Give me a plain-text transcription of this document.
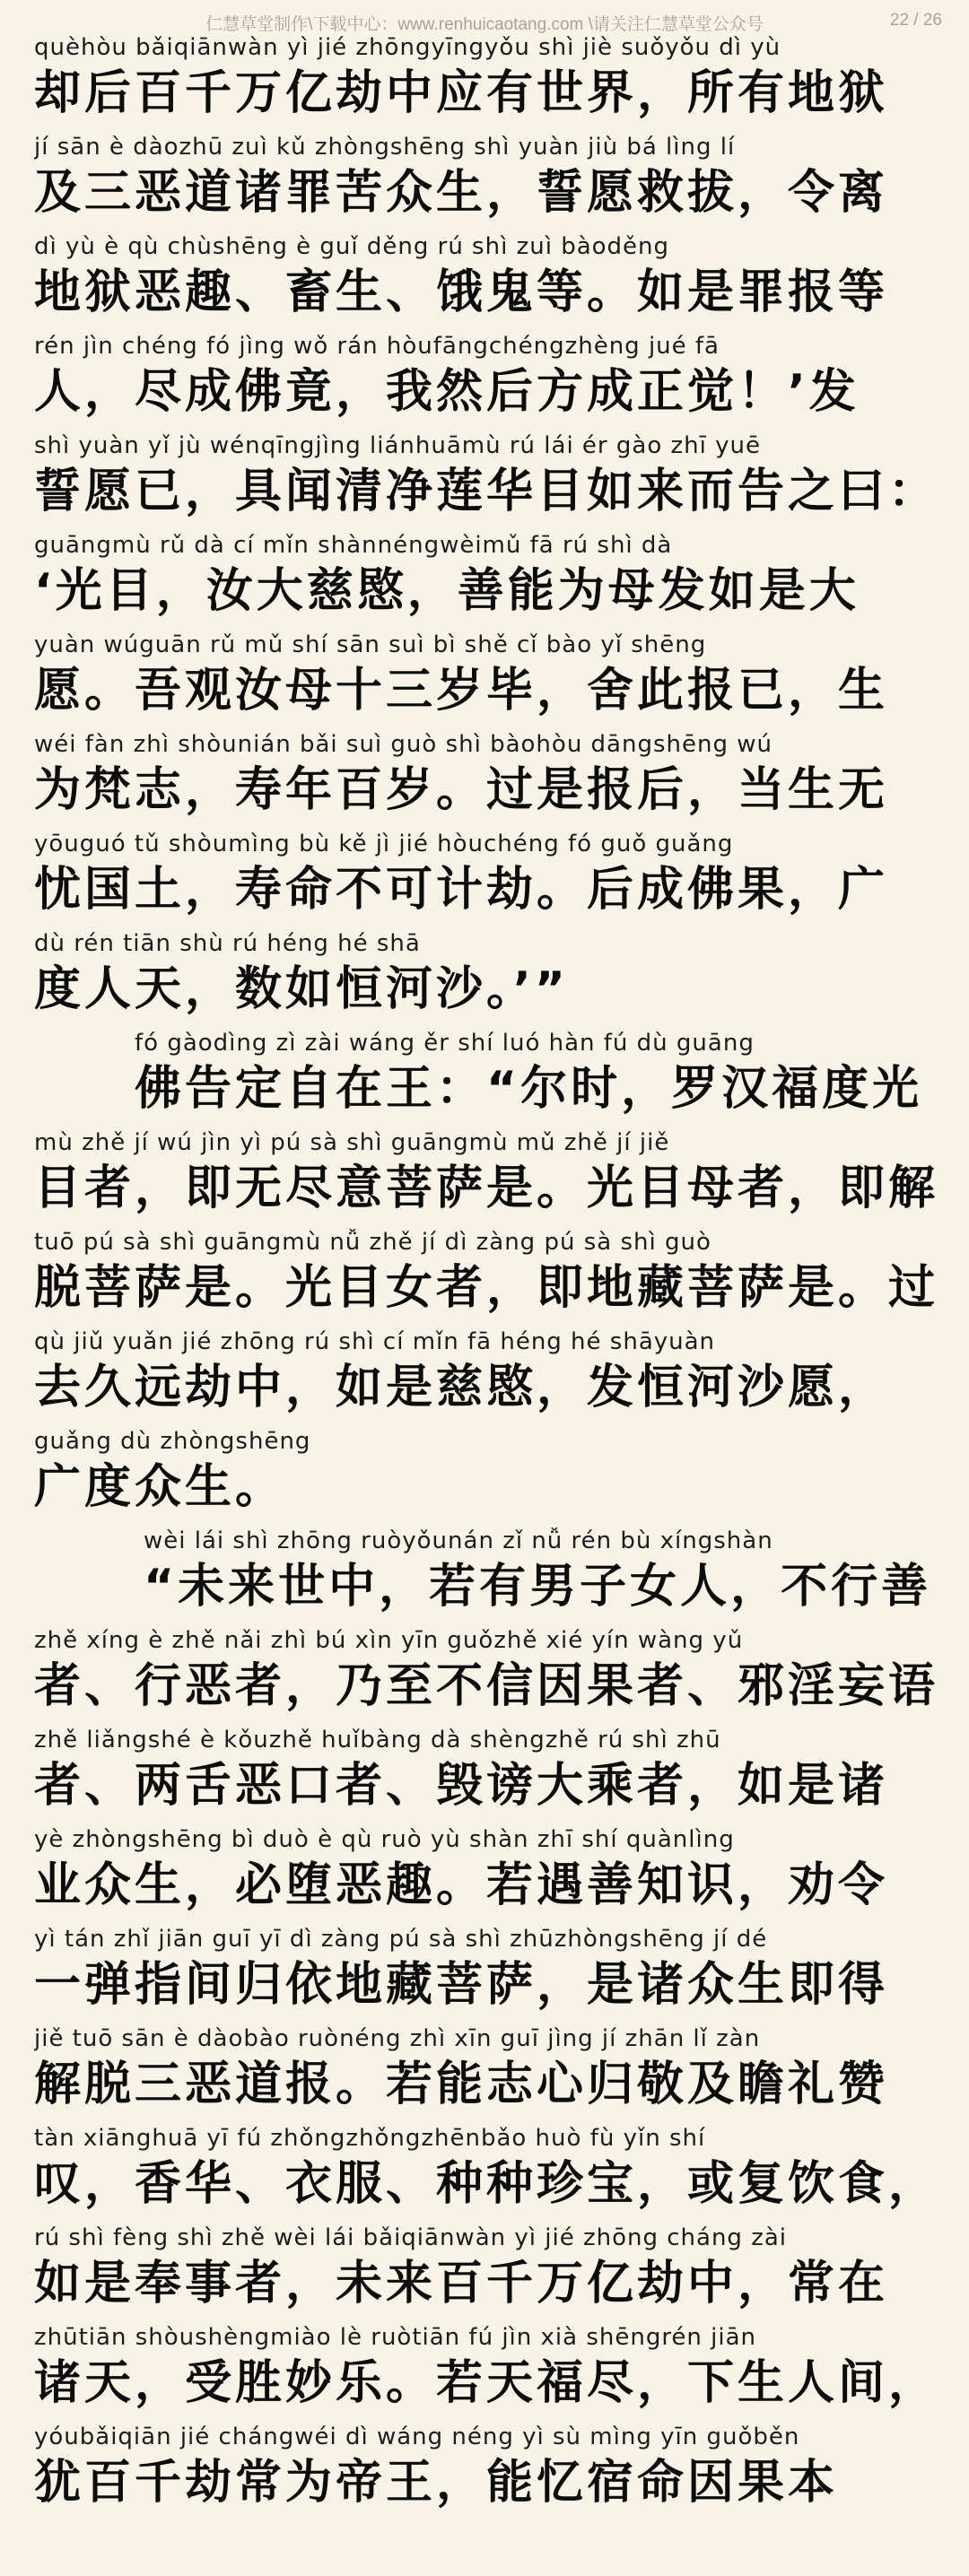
仁慧草堂制作\下载中心：www.renhuicaotang.com \请关注仁慧草堂公众号	22 / 26
quèhòu bǎiqiānwàn yì jié zhōngyīngyǒu shì jiè suǒyǒu dì yù
却后百千万亿劫中应有世界，所有地狱
jí sān è dàozhū zuì kǔ zhòngshēng shì yuàn jiù bá lìng lí
及三恶道诸罪苦众生，誓愿救拔，令离
dì yù è qù chùshēng è guǐ děng rú shì zuì bàoděng
地狱恶趣、畜生、饿鬼等。如是罪报等
rén jìn chéng fó jìng wǒ rán hòufāngchéngzhèng jué fā
人，尽成佛竟，我然后方成正觉！’发
shì yuàn yǐ jù wénqīngjìng liánhuāmù rú lái ér gào zhī yuē
誓愿已，具闻清净莲华目如来而告之曰：
guāngmù rǔ dà cí mǐn shànnéngwèimǔ fā rú shì dà
‘光目，汝大慈愍，善能为母发如是大
yuàn wúguān rǔ mǔ shí sān suì bì shě cǐ bào yǐ shēng
愿。吾观汝母十三岁毕，舍此报已，生
wéi fàn zhì shòunián bǎi suì guò shì bàohòu dāngshēng wú
为梵志，寿年百岁。过是报后，当生无
yōuguó tǔ shòumìng bù kě jì jié hòuchéng fó guǒ guǎng
忧国土，寿命不可计劫。后成佛果，广
dù rén tiān shù rú héng hé shā
度人天，数如恒河沙。’”
fó gàodìng zì zài wáng ěr shí luó hàn fú dù guāng
佛告定自在王：“尔时，罗汉福度光
mù zhě jí wú jìn yì pú sà shì guāngmù mǔ zhě jí jiě
目者，即无尽意菩萨是。光目母者，即解
tuō pú sà shì guāngmù nǚ zhě jí dì zàng pú sà shì guò
脱菩萨是。光目女者，即地藏菩萨是。过
qù jiǔ yuǎn jié zhōng rú shì cí mǐn fā héng hé shāyuàn
去久远劫中，如是慈愍，发恒河沙愿，
guǎng dù zhòngshēng
广度众生。
wèi lái shì zhōng ruòyǒunán zǐ nǚ rén bù xíngshàn
“未来世中，若有男子女人，不行善
zhě xíng è zhě nǎi zhì bú xìn yīn guǒzhě xié yín wàng yǔ
者、行恶者，乃至不信因果者、邪淫妄语
zhě liǎngshé è kǒuzhě huǐbàng dà shèngzhě rú shì zhū
者、两舌恶口者、毁谤大乘者，如是诸
yè zhòngshēng bì duò è qù ruò yù shàn zhī shí quànlìng
业众生，必堕恶趣。若遇善知识，劝令
yì tán zhǐ jiān guī yī dì zàng pú sà shì zhūzhòngshēng jí dé
一弹指间归依地藏菩萨，是诸众生即得
jiě tuō sān è dàobào ruònéng zhì xīn guī jìng jí zhān lǐ zàn
解脱三恶道报。若能志心归敬及瞻礼赞
tàn xiānghuā yī fú zhǒngzhǒngzhēnbǎo huò fù yǐn shí
叹，香华、衣服、种种珍宝，或复饮食，
rú shì fèng shì zhě wèi lái bǎiqiānwàn yì jié zhōng cháng zài
如是奉事者，未来百千万亿劫中，常在
zhūtiān shòushèngmiào lè ruòtiān fú jìn xià shēngrén jiān
诸天，受胜妙乐。若天福尽，下生人间，
yóubǎiqiān jié chángwéi dì wáng néng yì sù mìng yīn guǒběn
犹百千劫常为帝王，能忆宿命因果本
